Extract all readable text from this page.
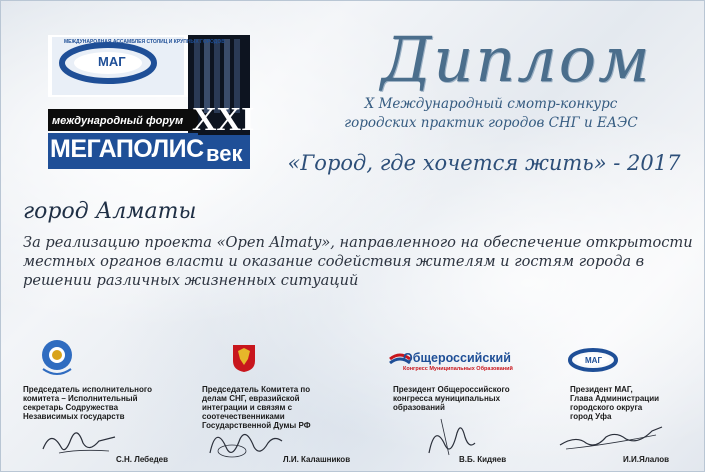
МЕЖДУНАРОДНАЯ АССАМБЛЕЯ СТОЛИЦ И КРУПНЫХ ГОРОДОВ
МАГ
международный форум
МЕГАПОЛИС
XXI
век
Диплом
X Международный смотр-конкурс
городских практик городов СНГ и ЕАЭС
«Город, где хочется жить» - 2017
город Алматы
За реализацию проекта «Open Almaty», направленного на обеспечение открытости местных органов власти и оказание содействия жителям и гостям города в решении различных жизненных ситуаций
Общероссийский
Конгресс Муниципальных Образований
МАГ
Председатель исполнительного
комитета – Исполнительный
секретарь Содружества
Независимых государств
Председатель Комитета по
делам СНГ, евразийской
интеграции и связям с
соотечественниками
Государственной Думы РФ
Президент Общероссийского
конгресса муниципальных
образований
Президент МАГ,
Глава Администрации
городского округа
город Уфа
С.Н. Лебедев	Л.И. Калашников	В.Б. Кидяев	И.И.Ялалов
